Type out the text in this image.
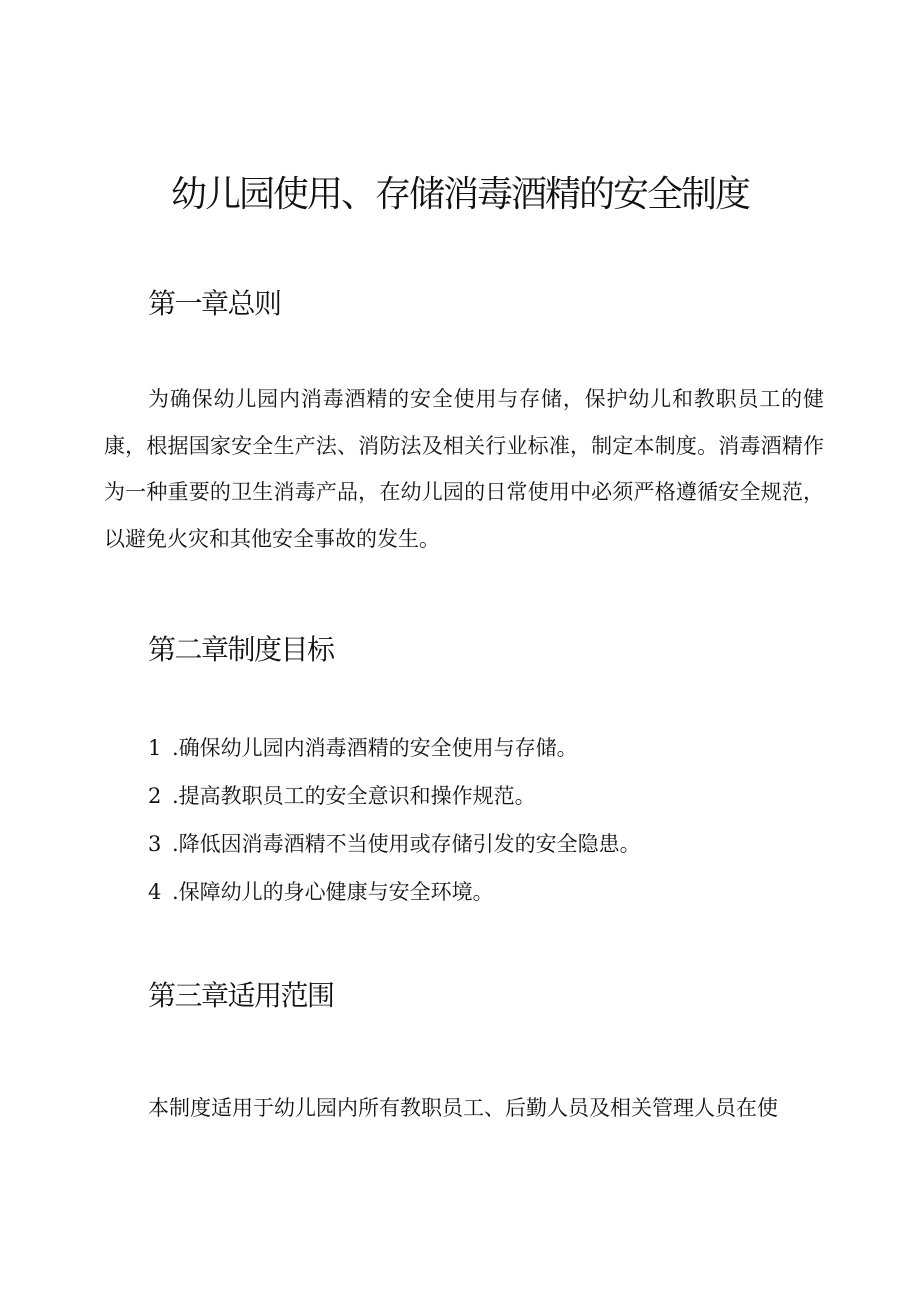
幼儿园使用、存储消毒酒精的安全制度
第一章总则

为确保幼儿园内消毒酒精的安全使用与存储，保护幼儿和教职员工的健康，根据国家安全生产法、消防法及相关行业标准，制定本制度。消毒酒精作为一种重要的卫生消毒产品，在幼儿园的日常使用中必须严格遵循安全规范，以避免火灾和其他安全事故的发生。

第二章制度目标
1 .确保幼儿园内消毒酒精的安全使用与存储。
2 .提高教职员工的安全意识和操作规范。
3 .降低因消毒酒精不当使用或存储引发的安全隐患。
4 .保障幼儿的身心健康与安全环境。
第三章适用范围
本制度适用于幼儿园内所有教职员工、后勤人员及相关管理人员在使
